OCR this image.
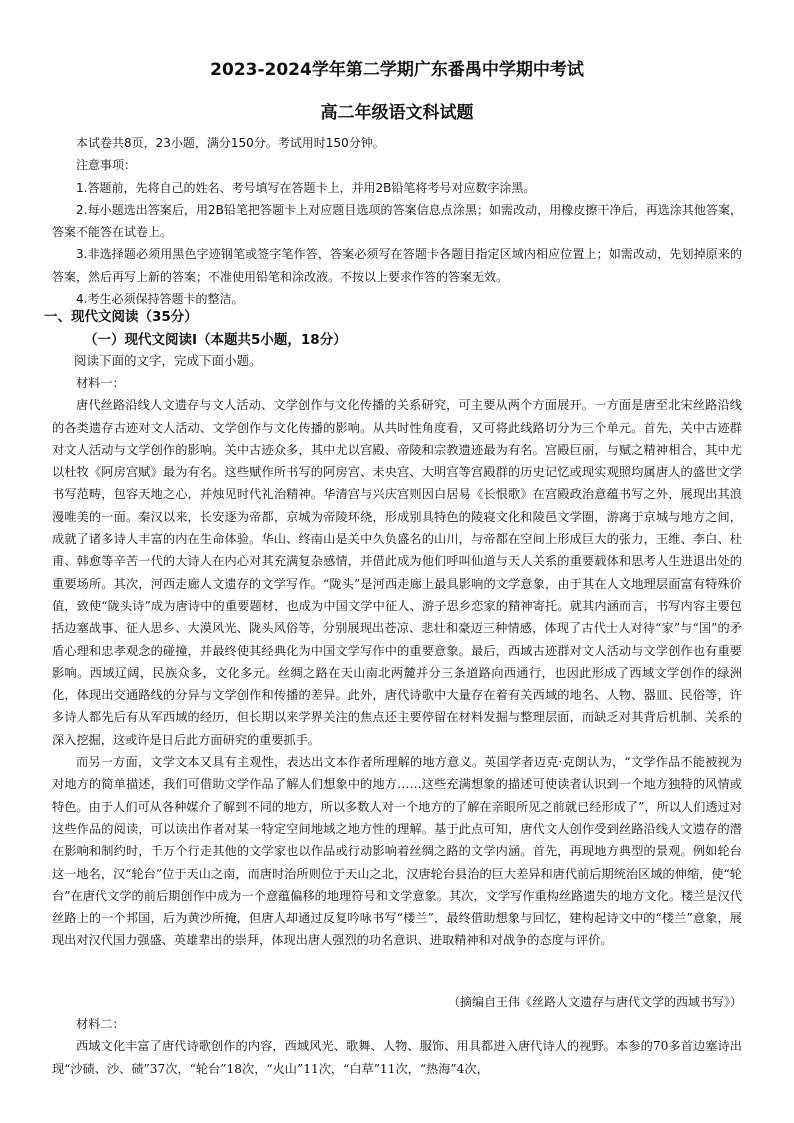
2023-2024学年第二学期广东番禺中学期中考试
高二年级语文科试题

本试卷共8页，23小题，满分150分。考试用时150分钟。

注意事项：

1.答题前，先将自己的姓名、考号填写在答题卡上，并用2B铅笔将考号对应数字涂黑。

2.每小题选出答案后，用2B铅笔把答题卡上对应题目选项的答案信息点涂黑；如需改动，用橡皮擦干净后，再选涂其他答案，答案不能答在试卷上。

3.非选择题必须用黑色字迹钢笔或签字笔作答，答案必须写在答题卡各题目指定区域内相应位置上；如需改动，先划掉原来的答案，然后再写上新的答案；不准使用铅笔和涂改液。不按以上要求作答的答案无效。

4.考生必须保持答题卡的整洁。

一、现代文阅读（35分）
（一）现代文阅读Ⅰ（本题共5小题，18分）
阅读下面的文字，完成下面小题。

材料一：

唐代丝路沿线人文遗存与文人活动、文学创作与文化传播的关系研究，可主要从两个方面展开。一方面是唐至北宋丝路沿线的各类遗存古迹对文人活动、文学创作与文化传播的影响。从共时性角度看，又可将此线路切分为三个单元。首先，关中古迹群对文人活动与文学创作的影响。关中古迹众多，其中尤以宫殿、帝陵和宗教遗迹最为有名。宫殿巨丽，与赋之精神相合，其中尤以杜牧《阿房宫赋》最为有名。这些赋作所书写的阿房宫、未央宫、大明宫等宫殿群的历史记忆或现实观照均属唐人的盛世文学书写范畴，包容天地之心，并烛见时代礼治精神。华清宫与兴庆宫则因白居易《长恨歌》在宫殿政治意蕴书写之外，展现出其浪漫唯美的一面。秦汉以来，长安逐为帝都，京城为帝陵环绕，形成别具特色的陵寝文化和陵邑文学圈，游离于京城与地方之间，成就了诸多诗人丰富的内在生命体验。华山、终南山是关中久负盛名的山川，与帝都在空间上形成巨大的张力，王维、李白、杜甫、韩愈等辛苦一代的大诗人在内心对其充满复杂感情，并借此成为他们呼叫仙道与天人关系的重要载体和思考人生进退出处的重要场所。其次，河西走廊人文遗存的文学写作。“陇头”是河西走廊上最具影响的文学意象，由于其在人文地理层面富有特殊价值，致使“陇头诗”成为唐诗中的重要题材，也成为中国文学中征人、游子思乡恋家的精神寄托。就其内涵而言，书写内容主要包括边塞战事、征人思乡、大漠风光、陇头风俗等，分别展现出苍凉、悲壮和豪迈三种情感，体现了古代士人对待“家”与“国”的矛盾心理和忠孝观念的碰撞，并最终使其经典化为中国文学写作中的重要意象。最后，西域古迹群对文人活动与文学创作也有重要影响。西域辽阔，民族众多，文化多元。丝绸之路在天山南北两麓并分三条道路向西通行，也因此形成了西域文学创作的绿洲化，体现出交通路线的分异与文学创作和传播的差异。此外，唐代诗歌中大量存在着有关西域的地名、人物、器皿、民俗等，许多诗人都先后有从军西域的经历，但长期以来学界关注的焦点还主要停留在材料发掘与整理层面，而缺乏对其背后机制、关系的深入挖掘，这或许是日后此方面研究的重要抓手。

而另一方面，文学文本又具有主观性，表达出文本作者所理解的地方意义。英国学者迈克·克朗认为，“文学作品不能被视为对地方的简单描述，我们可借助文学作品了解人们想象中的地方……这些充满想象的描述可使读者认识到一个地方独特的风情或特色。由于人们可从各种媒介了解到不同的地方，所以多数人对一个地方的了解在亲眼所见之前就已经形成了”，所以人们透过对这些作品的阅读，可以读出作者对某一特定空间地域之地方性的理解。基于此点可知，唐代文人创作受到丝路沿线人文遗存的潜在影响和制约时，千万个行走其他的文学家也以作品或行动影响着丝绸之路的文学内涵。首先，再现地方典型的景观。例如轮台这一地名，汉“轮台”位于天山之南，而唐时治所则位于天山之北，汉唐轮台县治的巨大差异和唐代前后期统治区域的伸缩，使“轮台”在唐代文学的前后期创作中成为一个意蕴偏移的地理符号和文学意象。其次，文学写作重构丝路遗失的地方文化。楼兰是汉代丝路上的一个邦国，后为黄沙所掩，但唐人却通过反复吟咏书写“楼兰”，最终借助想象与回忆，建构起诗文中的“楼兰”意象，展现出对汉代国力强盛、英雄辈出的崇拜，体现出唐人强烈的功名意识、进取精神和对战争的态度与评价。

（摘编自王伟《丝路人文遗存与唐代文学的西域书写》）

材料二：

西域文化丰富了唐代诗歌创作的内容，西域风光、歌舞、人物、服饰、用具都进入唐代诗人的视野。本参的70多首边塞诗出现“沙碛、沙、碛”37次，“轮台”18次，“火山”11次，“白草”11次，“热海”4次，
